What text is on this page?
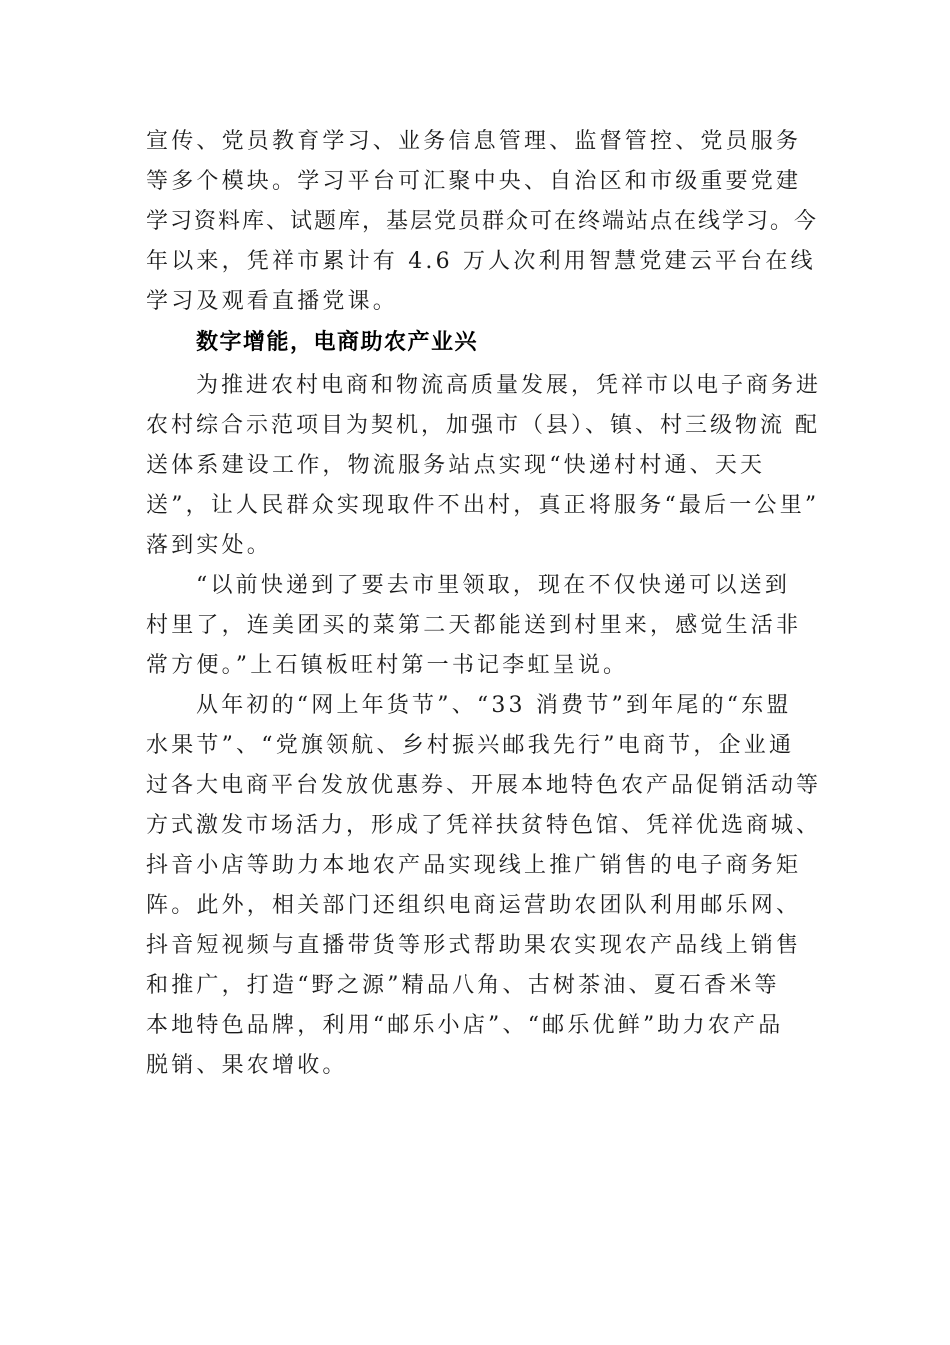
宣传、党员教育学习、业务信息管理、监督管控、党员服务
等多个模块。学习平台可汇聚中央、自治区和市级重要党建
学习资料库、试题库，基层党员群众可在终端站点在线学习。今
年以来，凭祥市累计有 4.6 万人次利用智慧党建云平台在线
学习及观看直播党课。
数字增能，电商助农产业兴
为推进农村电商和物流高质量发展，凭祥市以电子商务进
农村综合示范项目为契机，加强市（县）、镇、村三级物流 配
送体系建设工作，物流服务站点实现“快递村村通、天天
送”，让人民群众实现取件不出村，真正将服务“最后一公里”
落到实处。
“以前快递到了要去市里领取，现在不仅快递可以送到
村里了，连美团买的菜第二天都能送到村里来，感觉生活非
常方便。”上石镇板旺村第一书记李虹呈说。
从年初的“网上年货节”、“33 消费节”到年尾的“东盟
水果节”、“党旗领航、乡村振兴邮我先行”电商节，企业通
过各大电商平台发放优惠券、开展本地特色农产品促销活动等
方式激发市场活力，形成了凭祥扶贫特色馆、凭祥优选商城、
抖音小店等助力本地农产品实现线上推广销售的电子商务矩
阵。此外，相关部门还组织电商运营助农团队利用邮乐网、
抖音短视频与直播带货等形式帮助果农实现农产品线上销售
和推广，打造“野之源”精品八角、古树茶油、夏石香米等
本地特色品牌，利用“邮乐小店”、“邮乐优鲜”助力农产品
脱销、果农增收。
